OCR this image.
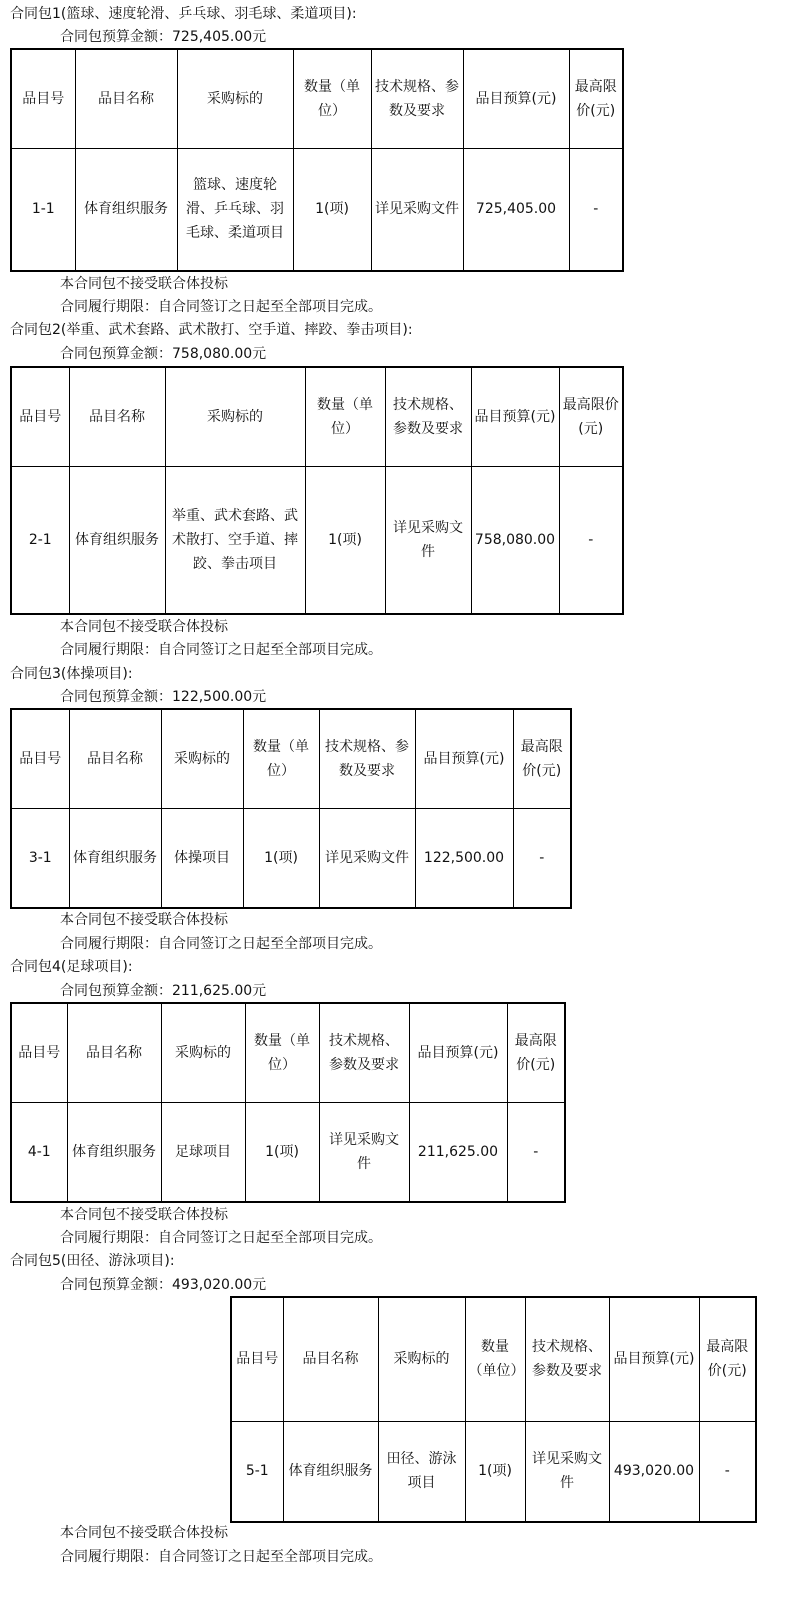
合同包1(篮球、速度轮滑、乒乓球、羽毛球、柔道项目):
合同包预算金额：725,405.00元
品目号	品目名称	采购标的	数量（单位）	技术规格、参数及要求	品目预算(元)	最高限价(元)
1-1	体育组织服务	篮球、速度轮滑、乒乓球、羽毛球、柔道项目	1(项)	详见采购文件	725,405.00	-
本合同包不接受联合体投标
合同履行期限：自合同签订之日起至全部项目完成。
合同包2(举重、武术套路、武术散打、空手道、摔跤、拳击项目):
合同包预算金额：758,080.00元
品目号	品目名称	采购标的	数量（单位）	技术规格、参数及要求	品目预算(元)	最高限价(元)
2-1	体育组织服务	举重、武术套路、武术散打、空手道、摔跤、拳击项目	1(项)	详见采购文件	758,080.00	-
本合同包不接受联合体投标
合同履行期限：自合同签订之日起至全部项目完成。
合同包3(体操项目):
合同包预算金额：122,500.00元
品目号	品目名称	采购标的	数量（单位）	技术规格、参数及要求	品目预算(元)	最高限价(元)
3-1	体育组织服务	体操项目	1(项)	详见采购文件	122,500.00	-
本合同包不接受联合体投标
合同履行期限：自合同签订之日起至全部项目完成。
合同包4(足球项目):
合同包预算金额：211,625.00元
品目号	品目名称	采购标的	数量（单位）	技术规格、参数及要求	品目预算(元)	最高限价(元)
4-1	体育组织服务	足球项目	1(项)	详见采购文件	211,625.00	-
本合同包不接受联合体投标
合同履行期限：自合同签订之日起至全部项目完成。
合同包5(田径、游泳项目):
合同包预算金额：493,020.00元
品目号	品目名称	采购标的	数量（单位）	技术规格、参数及要求	品目预算(元)	最高限价(元)
5-1	体育组织服务	田径、游泳项目	1(项)	详见采购文件	493,020.00	-
本合同包不接受联合体投标
合同履行期限：自合同签订之日起至全部项目完成。
